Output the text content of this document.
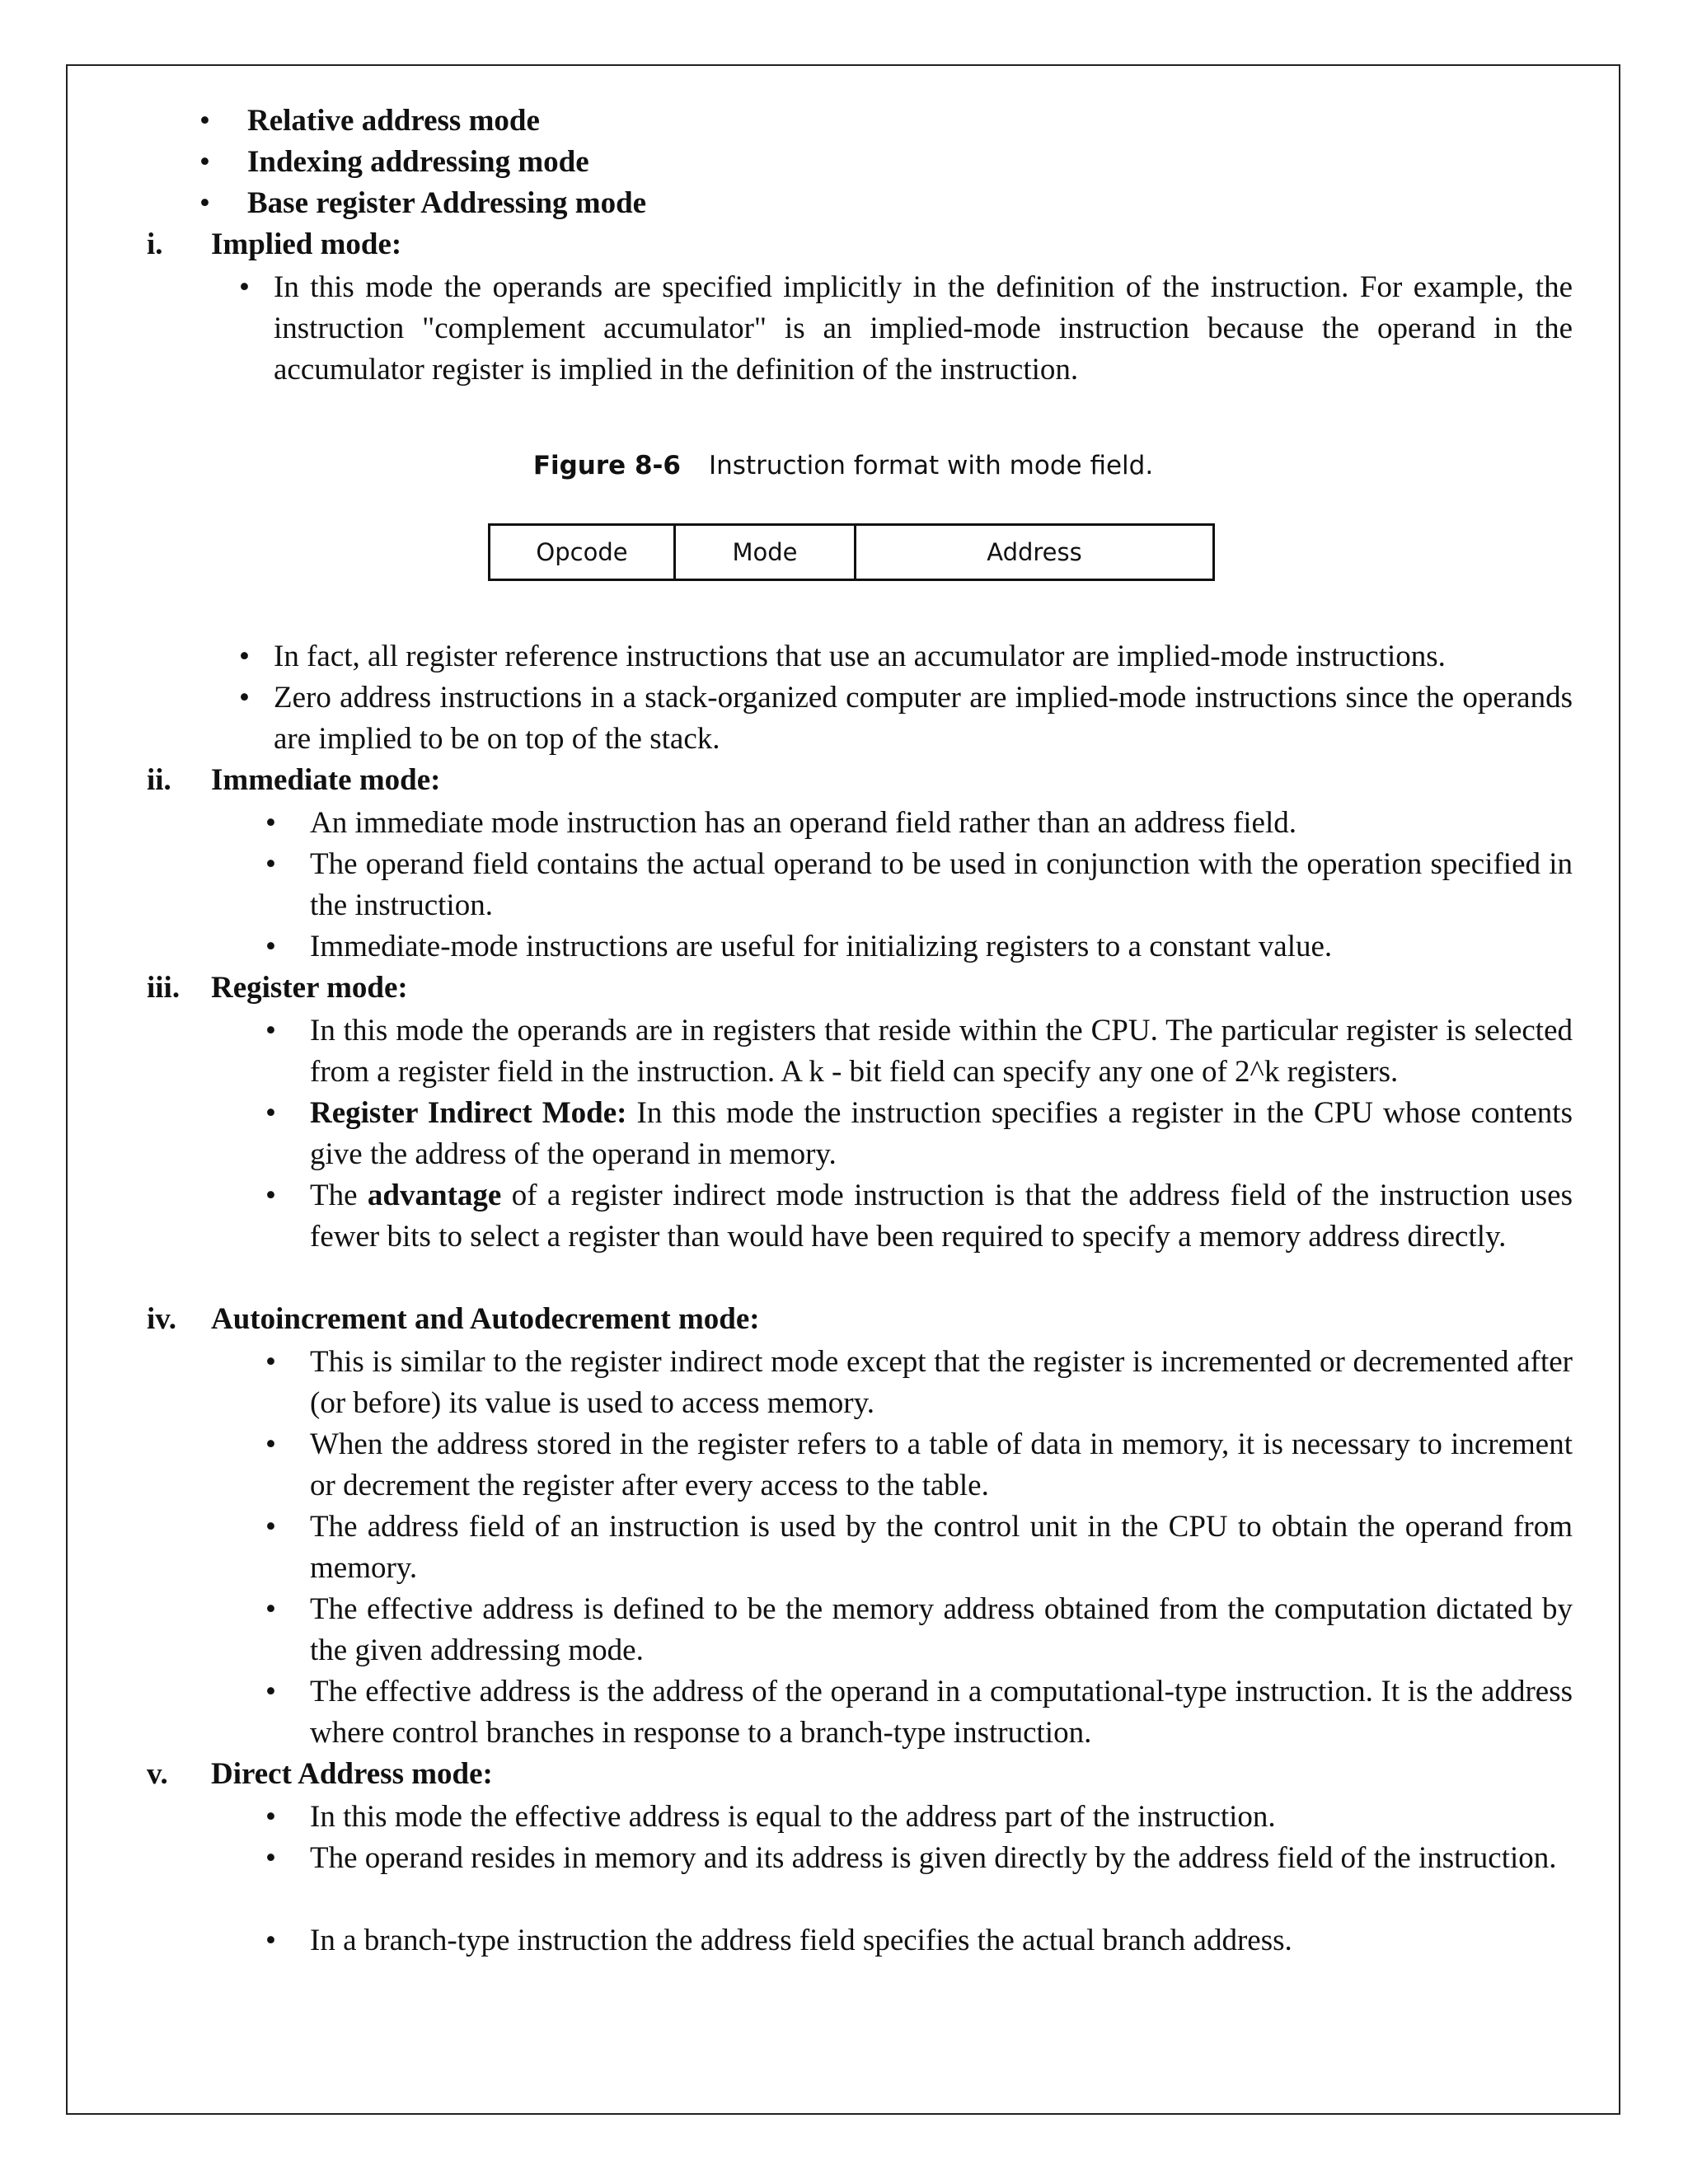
• Relative address mode
• Indexing addressing mode
• Base register Addressing mode
i. Implied mode:
• In this mode the operands are specified implicitly in the definition of the instruction. For example, the instruction "complement accumulator" is an implied-mode instruction because the operand in the accumulator register is implied in the definition of the instruction.
Figure 8-6 Instruction format with mode field.
Opcode	Mode	Address
• In fact, all register reference instructions that use an accumulator are implied-mode instructions.
• Zero address instructions in a stack-organized computer are implied-mode instructions since the operands are implied to be on top of the stack.
ii. Immediate mode:
• An immediate mode instruction has an operand field rather than an address field.
• The operand field contains the actual operand to be used in conjunction with the operation specified in the instruction.
• Immediate-mode instructions are useful for initializing registers to a constant value.
iii. Register mode:
• In this mode the operands are in registers that reside within the CPU. The particular register is selected from a register field in the instruction. A k - bit field can specify any one of 2^k registers.
• Register Indirect Mode: In this mode the instruction specifies a register in the CPU whose contents give the address of the operand in memory.
• The advantage of a register indirect mode instruction is that the address field of the instruction uses fewer bits to select a register than would have been required to specify a memory address directly.
iv. Autoincrement and Autodecrement mode:
• This is similar to the register indirect mode except that the register is incremented or decremented after (or before) its value is used to access memory.
• When the address stored in the register refers to a table of data in memory, it is necessary to increment or decrement the register after every access to the table.
• The address field of an instruction is used by the control unit in the CPU to obtain the operand from memory.
• The effective address is defined to be the memory address obtained from the computation dictated by the given addressing mode.
• The effective address is the address of the operand in a computational-type instruction. It is the address where control branches in response to a branch-type instruction.
v. Direct Address mode:
• In this mode the effective address is equal to the address part of the instruction.
• The operand resides in memory and its address is given directly by the address field of the instruction.
• In a branch-type instruction the address field specifies the actual branch address.
